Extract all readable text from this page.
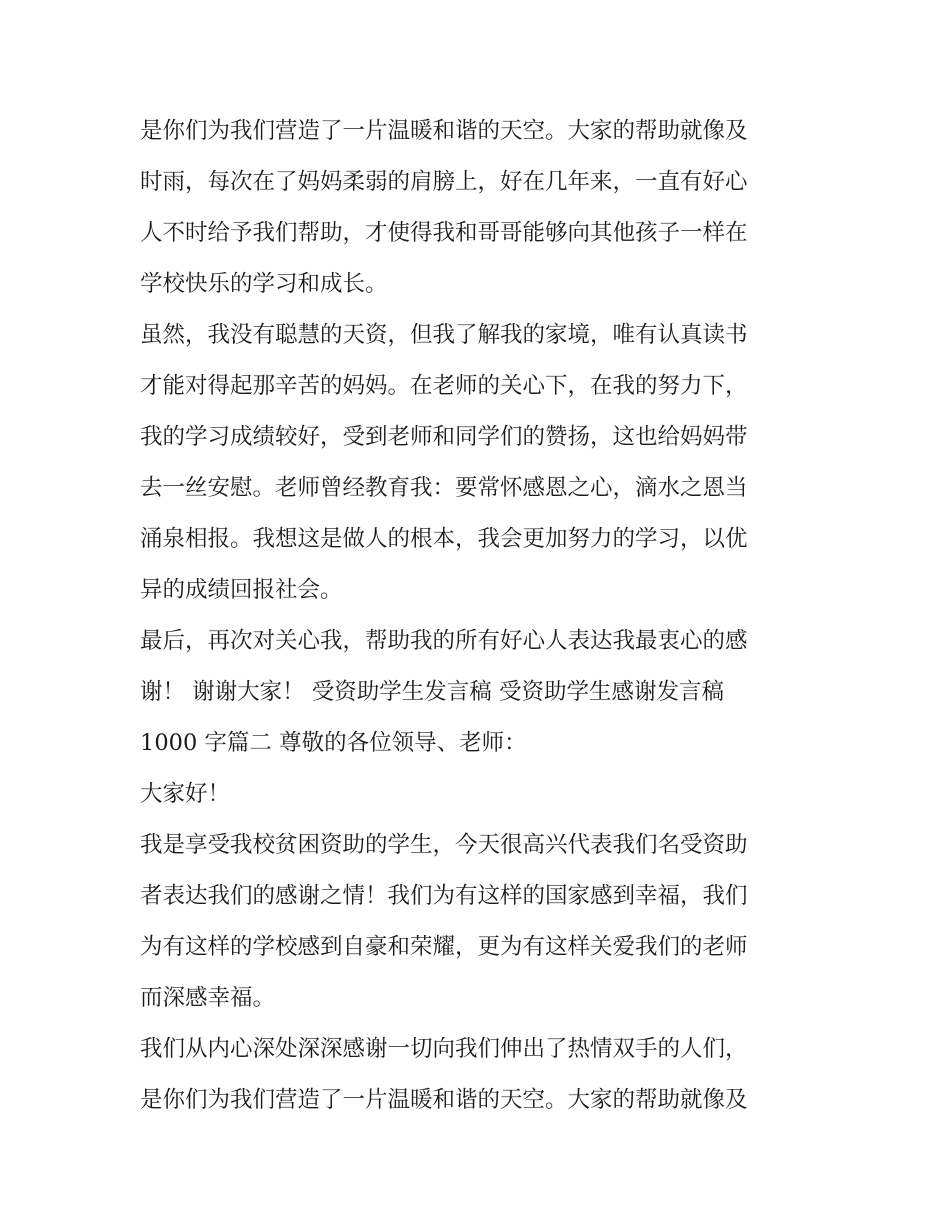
是你们为我们营造了一片温暖和谐的天空。大家的帮助就像及
时雨，每次在了妈妈柔弱的肩膀上，好在几年来，一直有好心
人不时给予我们帮助，才使得我和哥哥能够向其他孩子一样在
学校快乐的学习和成长。
虽然，我没有聪慧的天资，但我了解我的家境，唯有认真读书
才能对得起那辛苦的妈妈。在老师的关心下，在我的努力下，
我的学习成绩较好，受到老师和同学们的赞扬，这也给妈妈带
去一丝安慰。老师曾经教育我：要常怀感恩之心，滴水之恩当
涌泉相报。我想这是做人的根本，我会更加努力的学习，以优
异的成绩回报社会。
最后，再次对关心我，帮助我的所有好心人表达我最衷心的感
谢！ 谢谢大家！ 受资助学生发言稿 受资助学生感谢发言稿
1000 字篇二 尊敬的各位领导、老师：
大家好！
我是享受我校贫困资助的学生，今天很高兴代表我们名受资助
者表达我们的感谢之情！我们为有这样的国家感到幸福，我们
为有这样的学校感到自豪和荣耀，更为有这样关爱我们的老师
而深感幸福。
我们从内心深处深深感谢一切向我们伸出了热情双手的人们，
是你们为我们营造了一片温暖和谐的天空。大家的帮助就像及
